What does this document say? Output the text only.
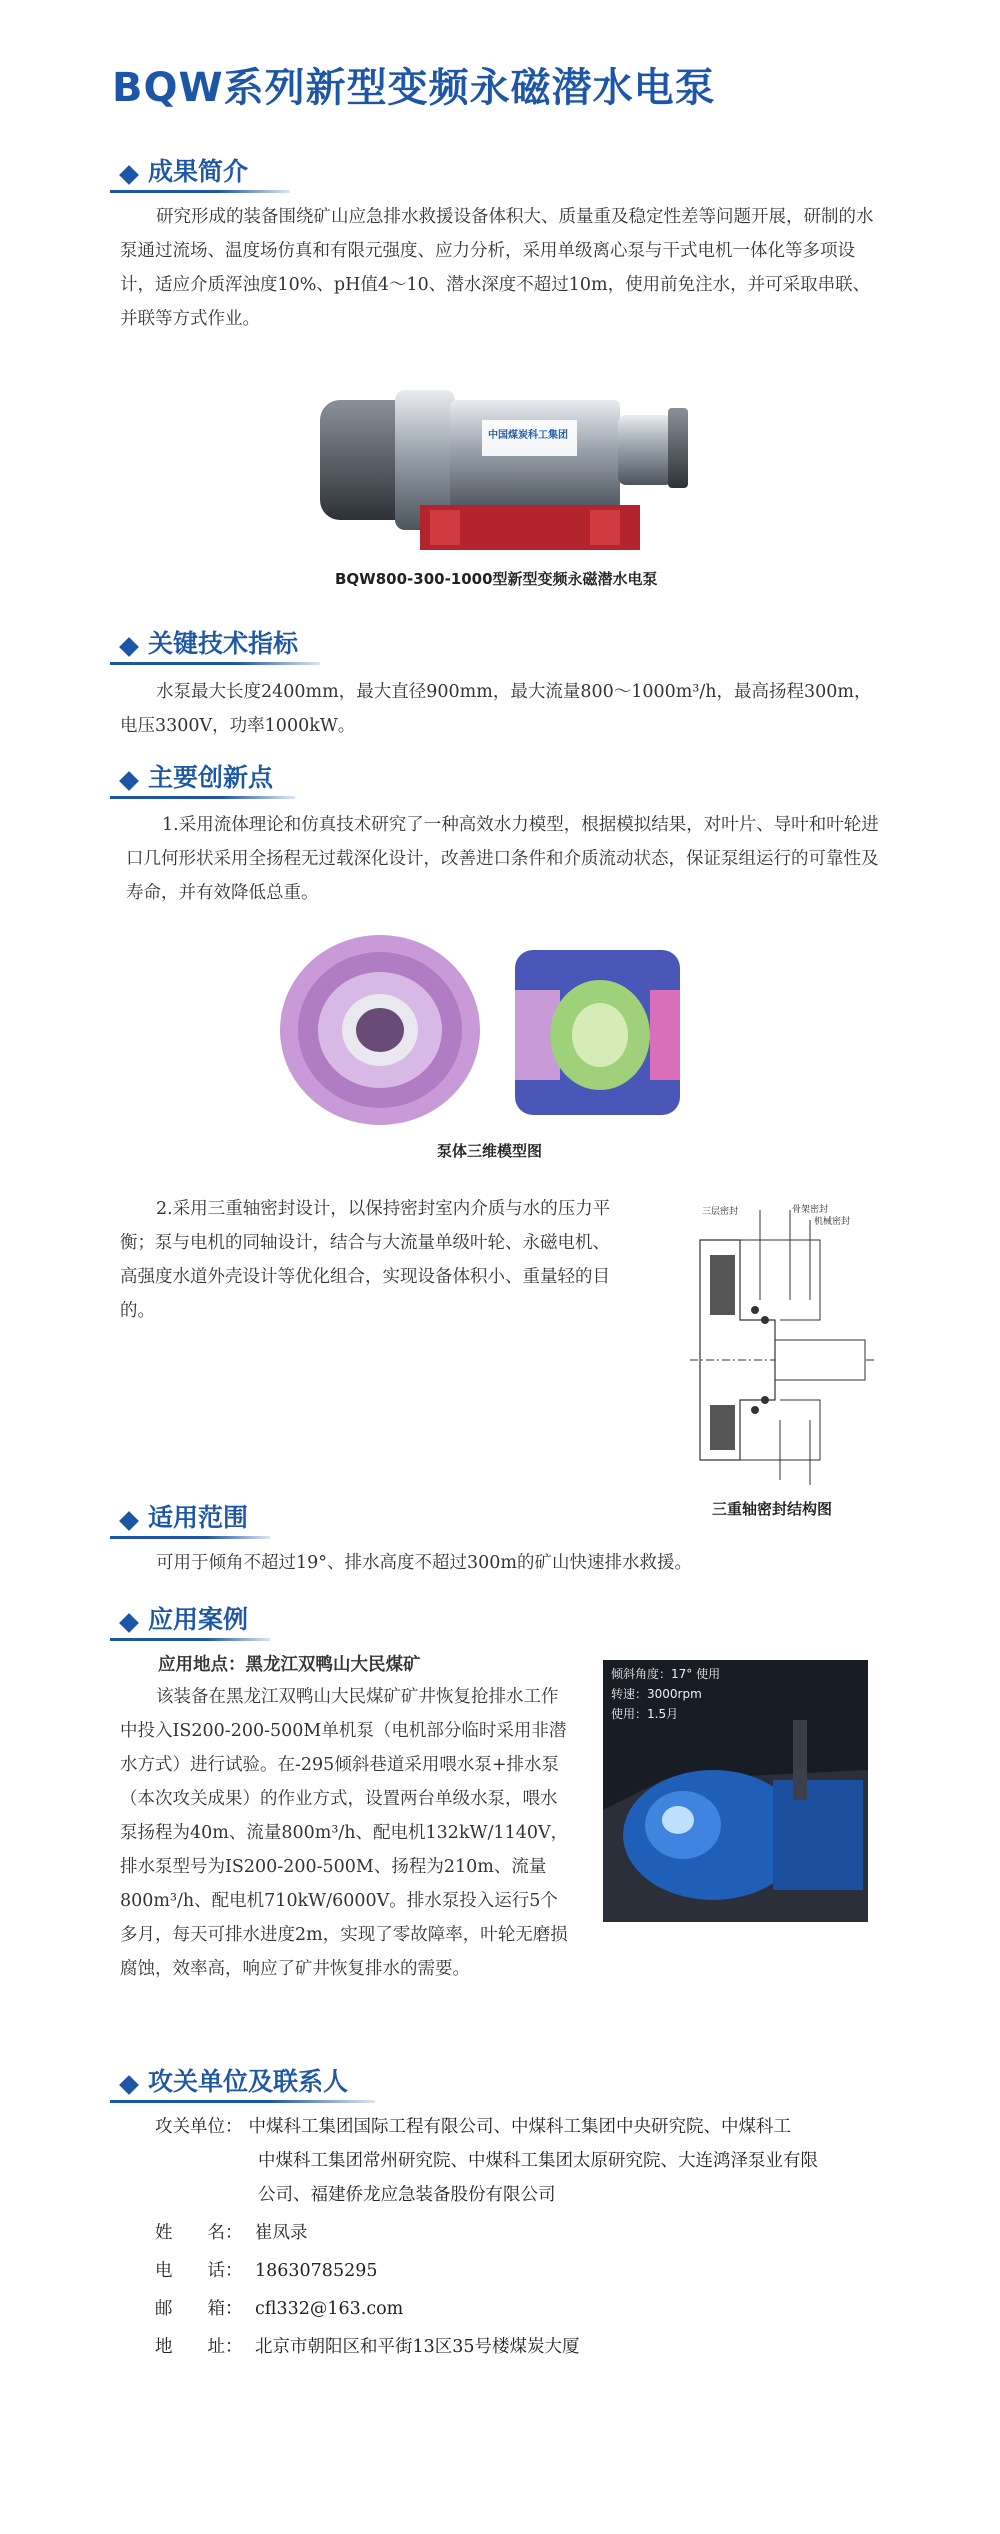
BQW系列新型变频永磁潜水电泵
成果简介
研究形成的装备围绕矿山应急排水救援设备体积大、质量重及稳定性差等问题开展，研制的水泵通过流场、温度场仿真和有限元强度、应力分析，采用单级离心泵与干式电机一体化等多项设计，适应介质浑浊度10%、pH值4～10、潜水深度不超过10m，使用前免注水，并可采取串联、并联等方式作业。
中国煤炭科工集团
BQW800-300-1000型新型变频永磁潜水电泵
关键技术指标
水泵最大长度2400mm，最大直径900mm，最大流量800～1000m³/h，最高扬程300m，电压3300V，功率1000kW。
主要创新点
1.采用流体理论和仿真技术研究了一种高效水力模型，根据模拟结果，对叶片、导叶和叶轮进口几何形状采用全扬程无过载深化设计，改善进口条件和介质流动状态，保证泵组运行的可靠性及寿命，并有效降低总重。
泵体三维模型图
2.采用三重轴密封设计，以保持密封室内介质与水的压力平衡；泵与电机的同轴设计，结合与大流量单级叶轮、永磁电机、高强度水道外壳设计等优化组合，实现设备体积小、重量轻的目的。
三层密封	骨架密封
机械密封
三重轴密封结构图
适用范围
可用于倾角不超过19°、排水高度不超过300m的矿山快速排水救援。
应用案例
应用地点：黑龙江双鸭山大民煤矿
该装备在黑龙江双鸭山大民煤矿矿井恢复抢排水工作中投入IS200-200-500M单机泵（电机部分临时采用非潜水方式）进行试验。在-295倾斜巷道采用喂水泵+排水泵（本次攻关成果）的作业方式，设置两台单级水泵，喂水泵扬程为40m、流量800m³/h、配电机132kW/1140V，排水泵型号为IS200-200-500M、扬程为210m、流量800m³/h、配电机710kW/6000V。排水泵投入运行5个多月，每天可排水进度2m，实现了零故障率，叶轮无磨损腐蚀，效率高，响应了矿井恢复排水的需要。
倾斜角度：17° 使用
转速：3000rpm
使用：1.5月
攻关单位及联系人
攻关单位： 中煤科工集团国际工程有限公司、中煤科工集团中央研究院、中煤科工
中煤科工集团常州研究院、中煤科工集团太原研究院、大连鸿泽泵业有限
公司、福建侨龙应急装备股份有限公司
姓名： 崔凤录
电话： 18630785295
邮箱： cfl332@163.com
地址： 北京市朝阳区和平街13区35号楼煤炭大厦
